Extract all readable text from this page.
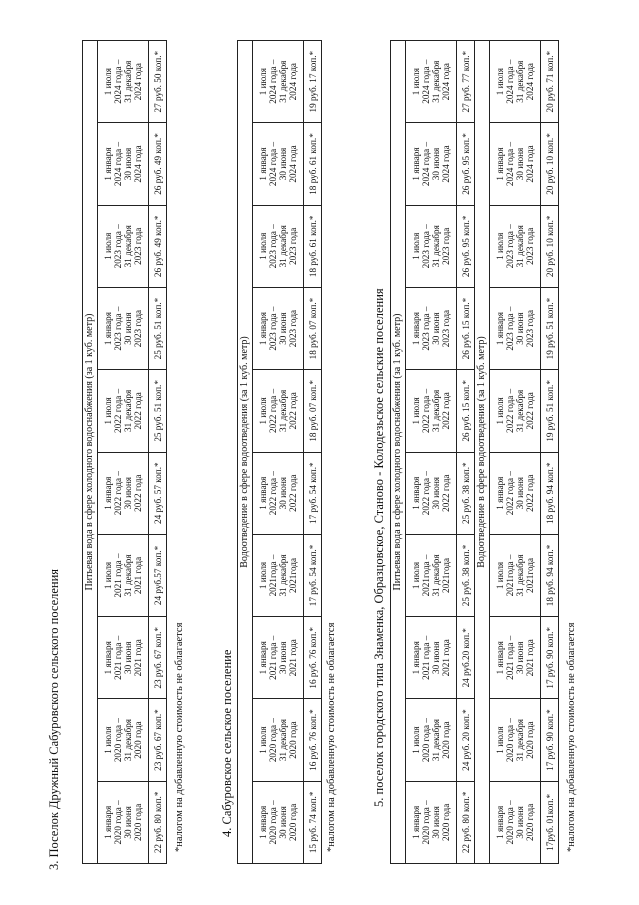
3. Поселок Дружный Сабуровского сельского поселения
Питьевая вода в сфере холодного водоснабжения (за 1 куб. метр)									

1 января 2020 года – 30 июня 2020 года	1 июля 2020 года – 31 декабря 2020 года	1 января 2021 года – 30 июня 2021 года	1 июля 2021 года – 31 декабря 2021 года	1 января 2022 года – 30 июня 2022 года	1 июля 2022 года – 31 декабря 2022 года	1 января 2023 года – 30 июня 2023 года	1 июля 2023 года – 31 декабря 2023 года	1 января 2024 года – 30 июня 2024 года	1 июля 2024 года – 31 декабря 2024 года

22 руб. 80 коп.*	23 руб. 67 коп.*	23 руб. 67 коп.*	24 руб.57 коп.*	24 руб. 57 коп.*	25 руб. 51 коп.*	25 руб. 51 коп.*	26 руб. 49 коп.*	26 руб. 49 коп.*	27 руб. 50 коп.*
*налогом на добавленную стоимость не облагается	4. Сабуровское сельское поселение
Водоотведение в сфере водоотведения (за 1 куб. метр)									

1 января 2020 года – 30 июня 2020 года	1 июля 2020 года – 31 декабря 2020 года	1 января 2021 года – 30 июня 2021 года	1 июля 2021года – 31 декабря 2021года	1 января 2022 года – 30 июня 2022 года	1 июля 2022 года – 31 декабря 2022 года	1 января 2023 года – 30 июня 2023 года	1 июля 2023 года – 31 декабря 2023 года	1 января 2024 года – 30 июня 2024 года	1 июля 2024 года – 31 декабря 2024 года

15 руб. 74 коп.*	16 руб. 76 коп.*	16 руб. 76 коп.*	17 руб. 54 коп.*	17 руб. 54 коп.*	18 руб. 07 коп.*	18 руб. 07 коп.*	18 руб. 61 коп.*	18 руб. 61 коп.*	19 руб. 17 коп.*
*налогом на добавленную стоимость не облагается	5. поселок городского типа Знаменка, Образцовское, Станово - Колодезьское сельские поселения Питьевая вода в сфере холодного водоснабжения (за 1 куб. метр)									

1 января 2020 года – 30 июня 2020 года	1 июля 2020 года – 31 декабря 2020 года	1 января 2021 года – 30 июня 2021 года	1 июля 2021года – 31 декабря 2021года	1 января 2022 года – 30 июня 2022 года	1 июля 2022 года – 31 декабря 2022 года	1 января 2023 года – 30 июня 2023 года	1 июля 2023 года – 31 декабря 2023 года	1 января 2024 года – 30 июня 2024 года	1 июля 2024 года – 31 декабря 2024 года

22 руб. 80 коп.*	24 руб. 20 коп.*	24 руб.20 коп.*	25 руб. 38 коп.*	25 руб. 38 коп.*	26 руб. 15 коп.*	26 руб. 15 коп.*	26 руб. 95 коп.*	26 руб. 95 коп.*	27 руб. 77 коп.*
Водоотведение в сфере водоотведения (за 1 куб. метр)									

1 января 2020 года – 30 июня 2020 года	1 июля 2020 года – 31 декабря 2020 года	1 января 2021 года – 30 июня 2021 года	1 июля 2021года – 31 декабря 2021года	1 января 2022 года – 30 июня 2022 года	1 июля 2022 года – 31 декабря 2022 года	1 января 2023 года – 30 июня 2023 года	1 июля 2023 года – 31 декабря 2023 года	1 января 2024 года – 30 июня 2024 года	1 июля 2024 года – 31 декабря 2024 года

17руб. 01коп.*	17 руб. 90 коп.*	17 руб. 90 коп.*	18 руб. 94 коп.*	18 руб. 94 коп.*	19 руб. 51 коп.*	19 руб. 51 коп.*	20 руб. 10 коп.*	20 руб. 10 коп.*	20 руб. 71 коп.*
*налогом на добавленную стоимость не облагается
